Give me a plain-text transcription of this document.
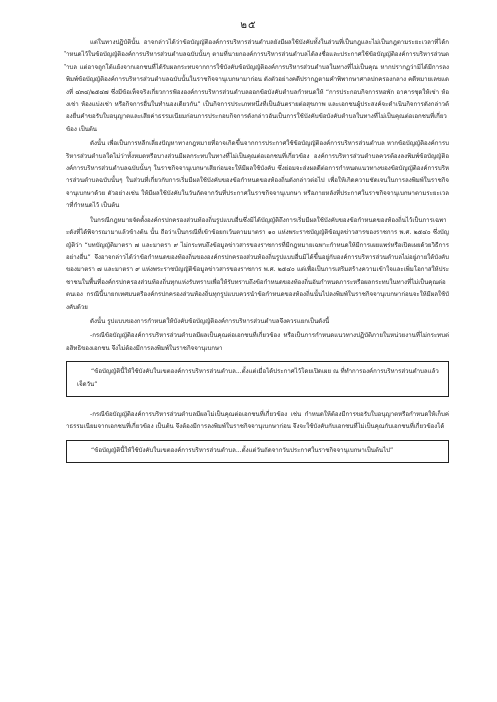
๒๕

แต่ในทางปฏิบัตินั้น อาจกล่าวได้ว่าข้อบัญญัติองค์การบริหารส่วนตำบลยังมีผลใช้บังคับทั้งในส่วนที่เป็นกฎและไม่เป็นกฎตามระยะเวลาที่ได้กำหนดไว้ในข้อบัญญัติองค์การบริหารส่วนตำบลฉบับนั้นๆ ตามที่นายกองค์การบริหารส่วนตำบลได้ลงชื่อและประกาศใช้ข้อบัญญัติองค์การบริหารส่วนตำบล แต่อาจถูกโต้แย้งจากเอกชนที่ได้รับผลกระทบจากการใช้บังคับข้อบัญญัติองค์การบริหารส่วนตำบลในทางที่ไม่เป็นคุณ หากปรากฏว่ามิได้มีการลงพิมพ์ข้อบัญญัติองค์การบริหารส่วนตำบลฉบับนั้นในราชกิจจานุเบกษามาก่อน ดังตัวอย่างคดีปรากฏตามคำพิพากษาศาลปกครองกลาง คดีหมายเลขแดงที่ ๔๓๔/๒๕๔๗ ซึ่งมีข้อเท็จจริงเกี่ยวการฟ้ององค์การบริหารส่วนตำบลออกข้อบังคับตำบลกำหนดให้ “การประกอบกิจการหอพัก อาคารชุดให้เช่า ห้องเช่า ห้องแบ่งเช่า หรือกิจการอื่นในทำนองเดียวกัน” เป็นกิจการประเภทหนึ่งที่เป็นอันตรายต่อสุขภาพ และเอกชนผู้ประสงค์จะดำเนินกิจการดังกล่าวต้องยื่นคำขอรับใบอนุญาตและเสียค่าธรรมเนียมก่อนการประกอบกิจการดังกล่าวอันเป็นการใช้บังคับข้อบังคับตำบลในทางที่ไม่เป็นคุณต่อเอกชนที่เกี่ยวข้อง เป็นต้น

ดังนั้น เพื่อเป็นการหลีกเลี่ยงปัญหาทางกฎหมายที่อาจเกิดขึ้นจากการประกาศใช้ข้อบัญญัติองค์การบริหารส่วนตำบล หากข้อบัญญัติองค์การบริหารส่วนตำบลใดไม่ว่าทั้งหมดหรือบางส่วนมีผลกระทบในทางที่ไม่เป็นคุณต่อเอกชนที่เกี่ยวข้อง องค์การบริหารส่วนตำบลควรต้องลงพิมพ์ข้อบัญญัติองค์การบริหารส่วนตำบลฉบับนั้นๆ ในราชกิจจานุเบกษาเสียก่อนจะให้มีผลใช้บังคับ ซึ่งย่อมจะส่งผลดีต่อการกำหนดแนวทางของข้อบัญญัติองค์การบริหารส่วนตำบลฉบับนั้นๆ ในส่วนที่เกี่ยวกับการเริ่มมีผลใช้บังคับของข้อกำหนดของท้องถิ่นดังกล่าวต่อไป เพื่อให้เกิดความชัดเจนในการลงพิมพ์ในราชกิจจานุเบกษาด้วย ตัวอย่างเช่น ให้มีผลใช้บังคับในวันถัดจากวันที่ประกาศในราชกิจจานุเบกษา หรือภายหลังที่ประกาศในราชกิจจานุเบกษาตามระยะเวลาที่กำหนดไว้ เป็นต้น

ในกรณีกฎหมายจัดตั้งองค์กรปกครองส่วนท้องถิ่นรูปแบบอื่นซึ่งมิได้บัญญัติถึงการเริ่มมีผลใช้บังคับของข้อกำหนดของท้องถิ่นไว้เป็นการเฉพาะดังที่ได้พิจารณามาแล้วข้างต้น นั้น ถือว่าเป็นกรณีที่เข้าข้อยกเว้นตามมาตรา ๑๐ แห่งพระราชบัญญัติข้อมูลข่าวสารของราชการ พ.ศ. ๒๕๔๐ ซึ่งบัญญัติว่า “บทบัญญัติมาตรา ๗ และมาตรา ๙ ไม่กระทบถึงข้อมูลข่าวสารของราชการที่มีกฎหมายเฉพาะกำหนดให้มีการเผยแพร่หรือเปิดเผยด้วยวิธีการอย่างอื่น” จึงอาจกล่าวได้ว่าข้อกำหนดของท้องถิ่นขององค์กรปกครองส่วนท้องถิ่นรูปแบบอื่นมิได้ขึ้นอยู่กับองค์การบริหารส่วนตำบลไม่อยู่ภายใต้บังคับของมาตรา ๗ และมาตรา ๙ แห่งพระราชบัญญัติข้อมูลข่าวสารของราชการ พ.ศ. ๒๕๔๐ แต่เพื่อเป็นการเสริมสร้างความเข้าใจและเพิ่มโอกาสให้ประชาชนในพื้นที่องค์กรปกครองส่วนท้องถิ่นทุกแห่งรับทราบเพื่อให้รับทราบถึงข้อกำหนดของท้องถิ่นอันกำหนดภาระหรือผลกระทบในทางที่ไม่เป็นคุณต่อตนเอง กรณีนี้นายกเทศมนตรีองค์กรปกครองส่วนท้องถิ่นทุกรูปแบบควรนำข้อกำหนดของท้องถิ่นนั้นไปลงพิมพ์ในราชกิจจานุเบกษาก่อนจะให้มีผลใช้บังคับด้วย

ดังนั้น รูปแบบของการกำหนดให้บังคับข้อบัญญัติองค์การบริหารส่วนตำบลจึงควรแยกเป็นดังนี้

-กรณีข้อบัญญัติองค์การบริหารส่วนตำบลมีผลเป็นคุณต่อเอกชนที่เกี่ยวข้อง หรือเป็นการกำหนดแนวทางปฏิบัติภายในหน่วยงานที่ไม่กระทบต่อสิทธิของเอกชน จึงไม่ต้องมีการลงพิมพ์ในราชกิจจานุเบกษา

“ข้อบัญญัตินี้ให้ใช้บังคับในเขตองค์การบริหารส่วนตำบล...ตั้งแต่เมื่อได้ประกาศไว้โดยเปิดเผย ณ ที่ทำการองค์การบริหารส่วนตำบลแล้วเจ็ดวัน”

-กรณีข้อบัญญัติองค์การบริหารส่วนตำบลมีผลไม่เป็นคุณต่อเอกชนที่เกี่ยวข้อง เช่น กำหนดให้ต้องมีการขอรับใบอนุญาตหรือกำหนดให้เก็บค่าธรรมเนียมจากเอกชนที่เกี่ยวข้อง เป็นต้น จึงต้องมีการลงพิมพ์ในราชกิจจานุเบกษาก่อน จึงจะใช้บังคับกับเอกชนที่ไม่เป็นคุณกับเอกชนที่เกี่ยวข้องได้

“ข้อบัญญัตินี้ให้ใช้บังคับในเขตองค์การบริหารส่วนตำบล...ตั้งแต่วันถัดจากวันประกาศในราชกิจจานุเบกษาเป็นต้นไป”
